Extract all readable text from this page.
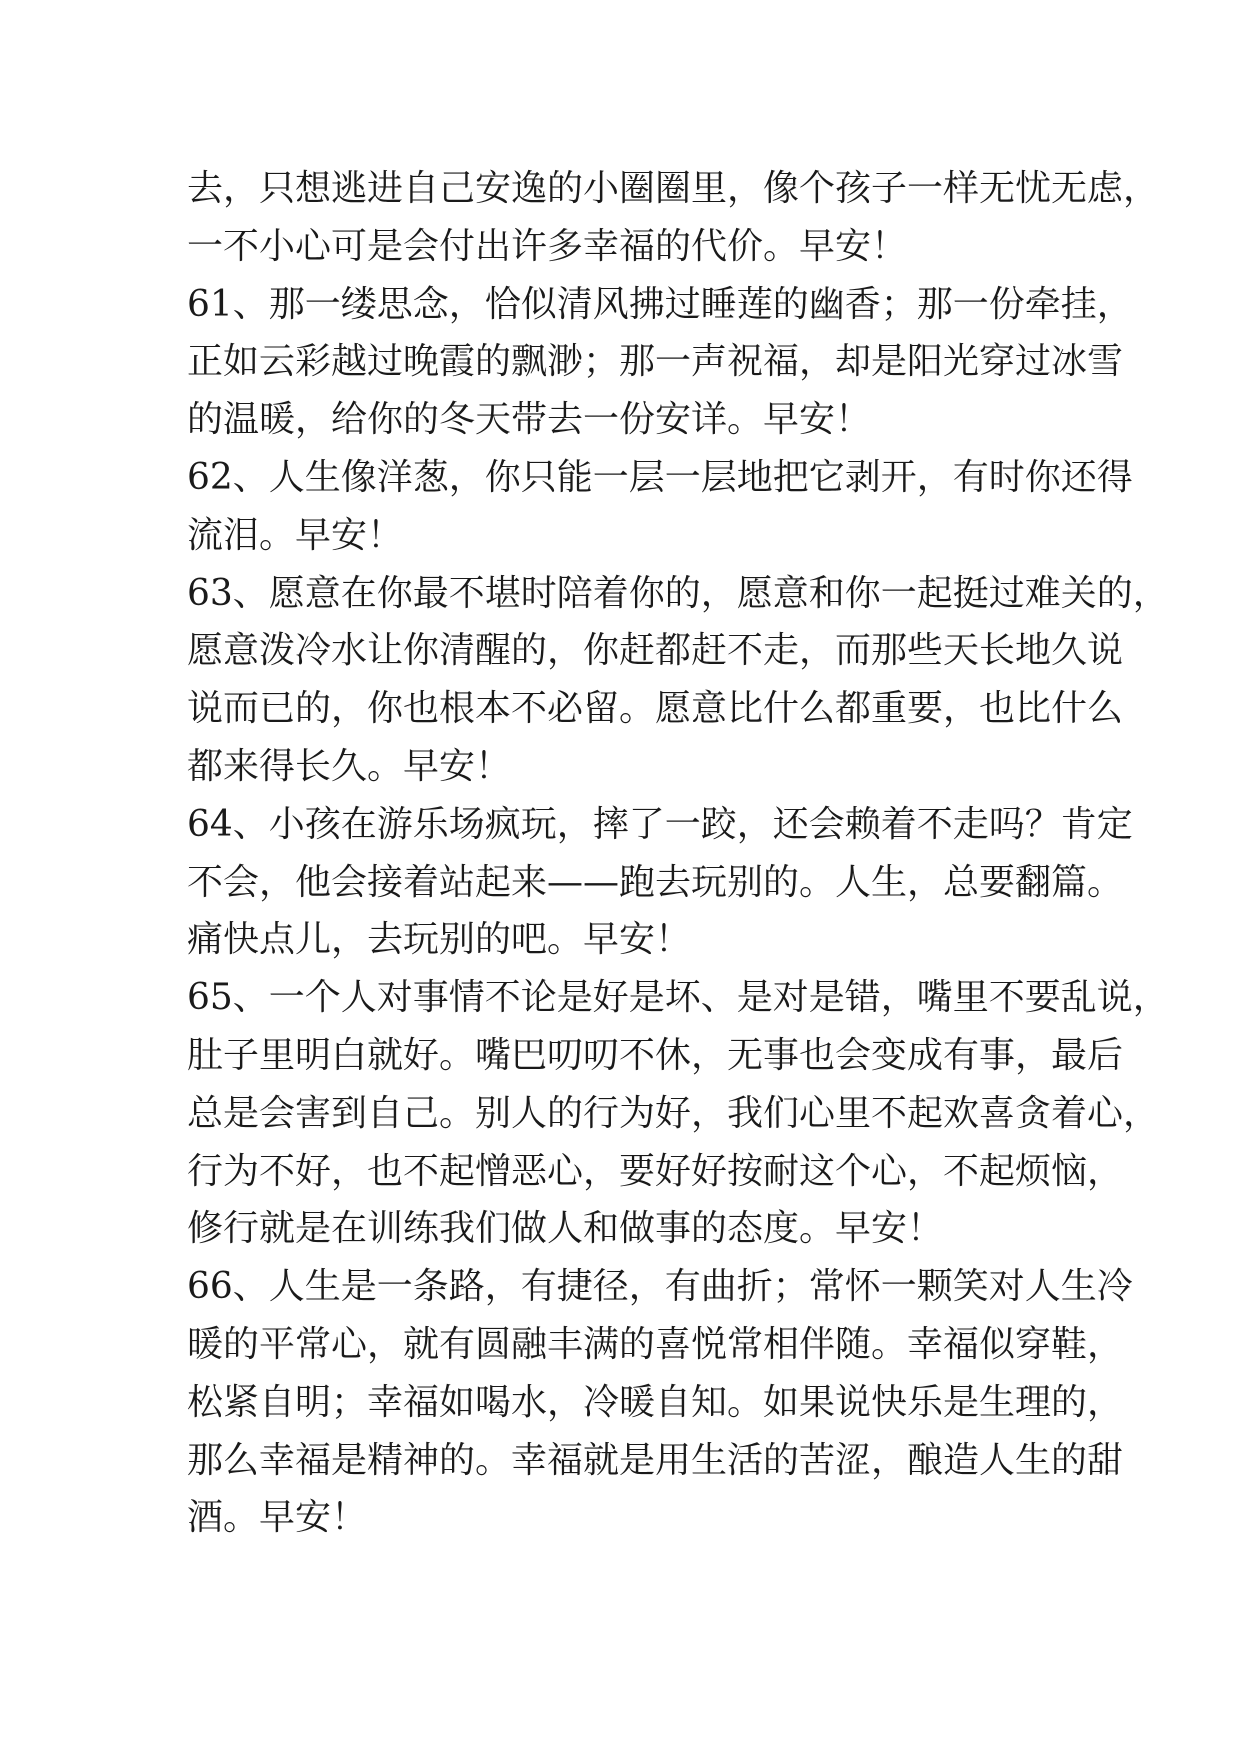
去，只想逃进自己安逸的小圈圈里，像个孩子一样无忧无虑，
一不小心可是会付出许多幸福的代价。早安！
61、那一缕思念，恰似清风拂过睡莲的幽香；那一份牵挂，
正如云彩越过晚霞的飘渺；那一声祝福，却是阳光穿过冰雪
的温暖，给你的冬天带去一份安详。早安！
62、人生像洋葱，你只能一层一层地把它剥开，有时你还得
流泪。早安！
63、愿意在你最不堪时陪着你的，愿意和你一起挺过难关的，
愿意泼冷水让你清醒的，你赶都赶不走，而那些天长地久说
说而已的，你也根本不必留。愿意比什么都重要，也比什么
都来得长久。早安！
64、小孩在游乐场疯玩，摔了一跤，还会赖着不走吗？肯定
不会，他会接着站起来——跑去玩别的。人生，总要翻篇。
痛快点儿，去玩别的吧。早安！
65、一个人对事情不论是好是坏、是对是错，嘴里不要乱说，
肚子里明白就好。嘴巴叨叨不休，无事也会变成有事，最后
总是会害到自己。别人的行为好，我们心里不起欢喜贪着心，
行为不好，也不起憎恶心，要好好按耐这个心，不起烦恼，
修行就是在训练我们做人和做事的态度。早安！
66、人生是一条路，有捷径，有曲折；常怀一颗笑对人生冷
暖的平常心，就有圆融丰满的喜悦常相伴随。幸福似穿鞋，
松紧自明；幸福如喝水，冷暖自知。如果说快乐是生理的，
那么幸福是精神的。幸福就是用生活的苦涩，酿造人生的甜
酒。早安！
